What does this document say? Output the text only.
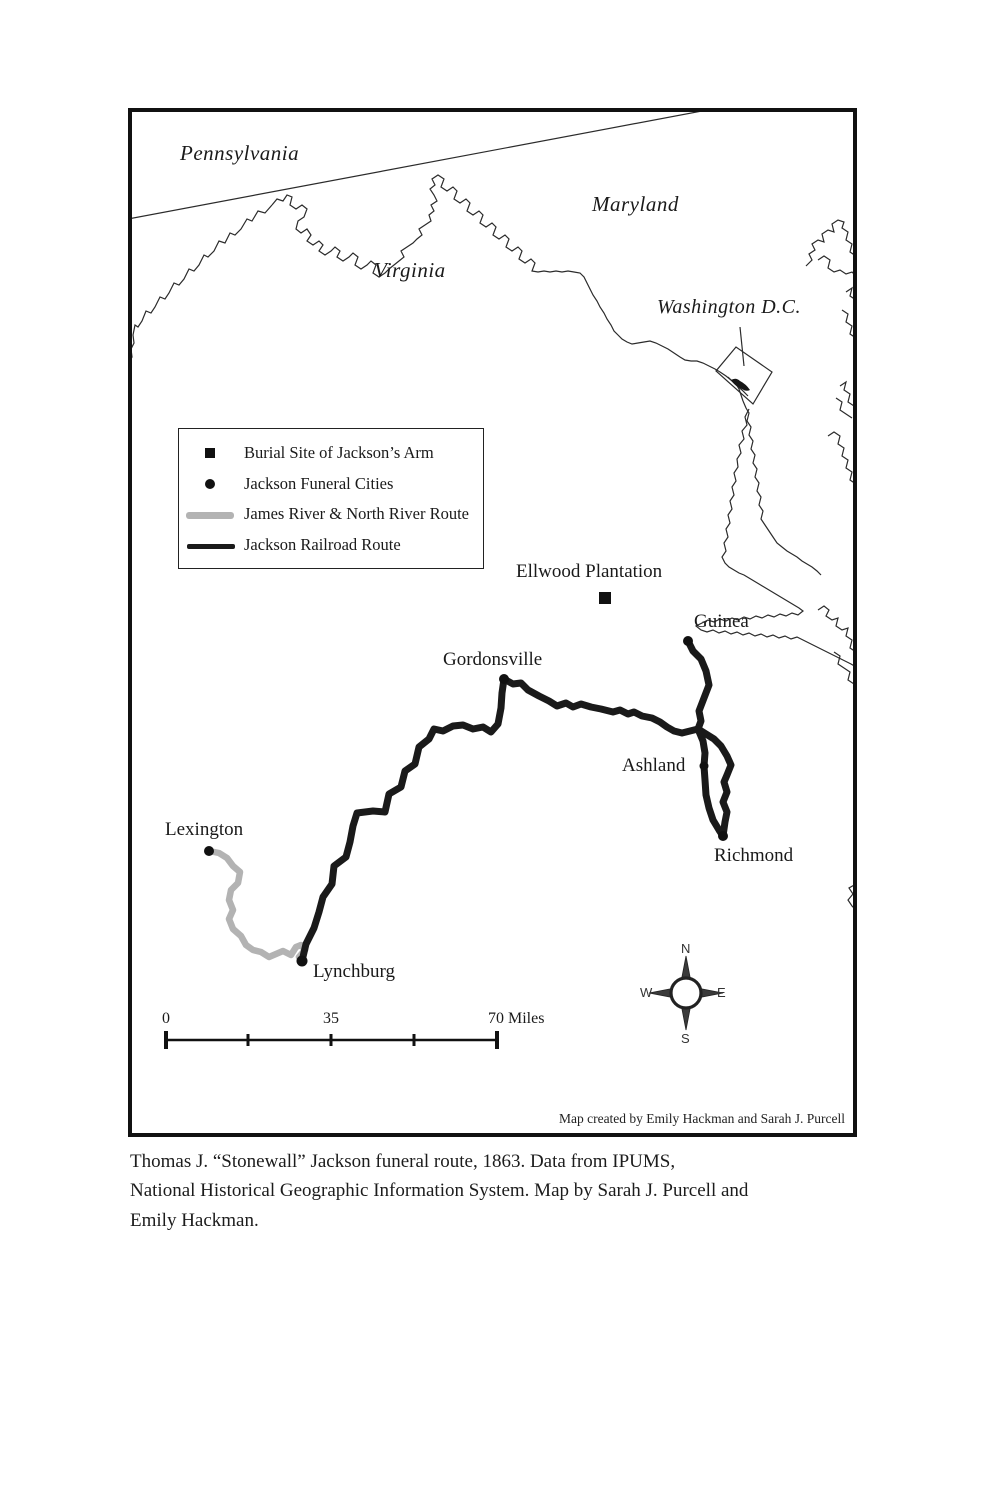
Pennsylvania
Maryland
Virginia
Washington D.C.
Ellwood Plantation
Guinea
Gordonsville
Ashland
Richmond
Lexington
Lynchburg
Burial Site of Jackson’s Arm
Jackson Funeral Cities
James River & North River Route
Jackson Railroad Route
0	35	70 Miles
N
E
S
W
Map created by Emily Hackman and Sarah J. Purcell
Thomas J. “Stonewall” Jackson funeral route, 1863. Data from IPUMS,
National Historical Geographic Information System. Map by Sarah J. Purcell and
Emily Hackman.
